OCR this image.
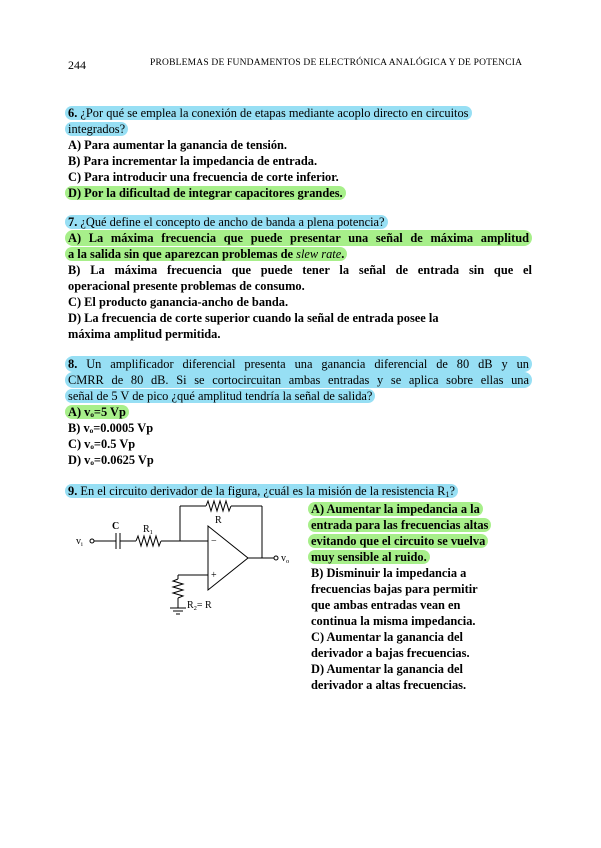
244	PROBLEMAS DE FUNDAMENTOS DE ELECTRÓNICA ANALÓGICA Y DE POTENCIA
6. ¿Por qué se emplea la conexión de etapas mediante acoplo directo en circuitos
integrados?
A) Para aumentar la ganancia de tensión.
B) Para incrementar la impedancia de entrada.
C) Para introducir una frecuencia de corte inferior.
D) Por la dificultad de integrar capacitores grandes.
7. ¿Qué define el concepto de ancho de banda a plena potencia?
A) La máxima frecuencia que puede presentar una señal de máxima amplitud
a la salida sin que aparezcan problemas de slew rate.
B) La máxima frecuencia que puede tener la señal de entrada sin que el
operacional presente problemas de consumo.
C) El producto ganancia-ancho de banda.
D) La frecuencia de corte superior cuando la señal de entrada posee la
máxima amplitud permitida.
8. Un amplificador diferencial presenta una ganancia diferencial de 80 dB y un
CMRR de 80 dB. Si se cortocircuitan ambas entradas y se aplica sobre ellas una
señal de 5 V de pico ¿qué amplitud tendría la señal de salida?
A) vₒ=5 Vp
B) vₒ=0.0005 Vp
C) vₒ=0.5 Vp
D) vₒ=0.0625 Vp
9. En el circuito derivador de la figura, ¿cuál es la misión de la resistencia $R_1$?
A) Aumentar la impedancia a la
entrada para las frecuencias altas
evitando que el circuito se vuelva
muy sensible al ruido.
B) Disminuir la impedancia a
frecuencias bajas para permitir
que ambas entradas vean en
continua la misma impedancia.
C) Aumentar la ganancia del
derivador a bajas frecuencias.
D) Aumentar la ganancia del
derivador a altas frecuencias.
$v_i$
C $R_1$
R
−
+
$v_o$
$R_2= R$
